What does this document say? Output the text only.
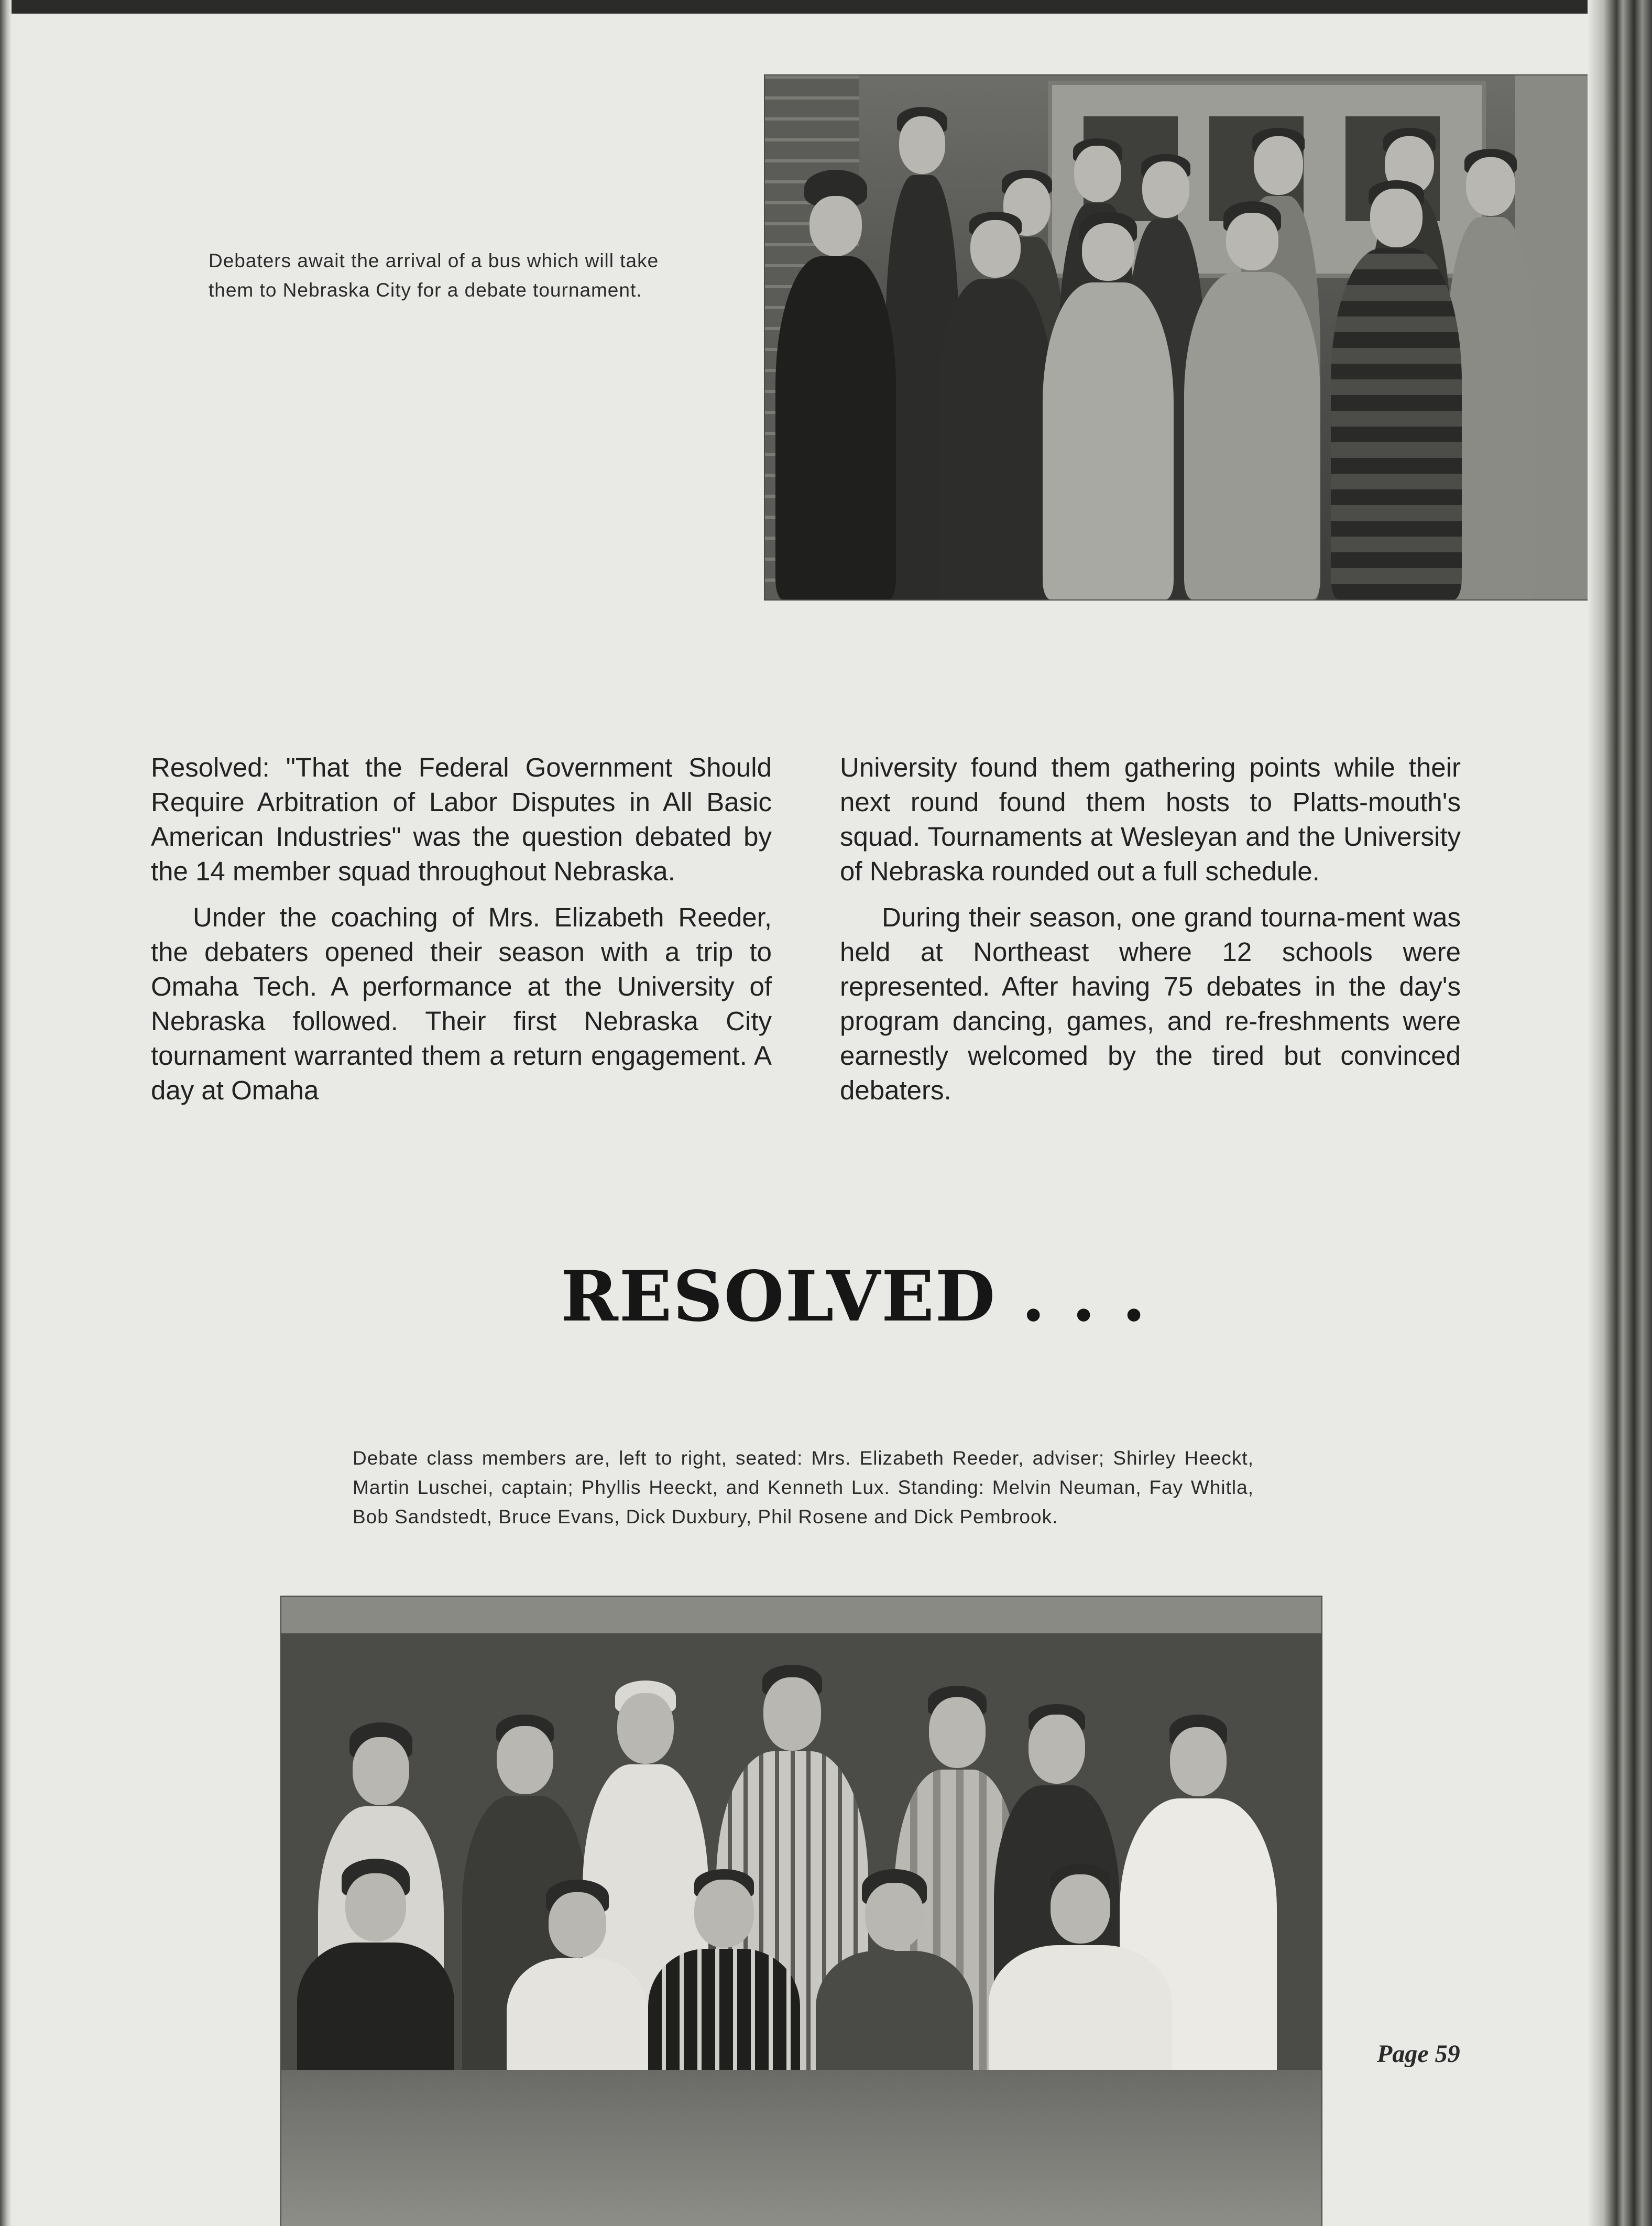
Debaters await the arrival of a bus which will take them to Nebraska City for a debate tournament.

Resolved: "That the Federal Government Should Require Arbitration of Labor Disputes in All Basic American Industries" was the question debated by the 14 member squad throughout Nebraska.

Under the coaching of Mrs. Elizabeth Reeder, the debaters opened their season with a trip to Omaha Tech. A performance at the University of Nebraska followed. Their first Nebraska City tournament warranted them a return engagement. A day at Omaha

University found them gathering points while their next round found them hosts to Platts-mouth's squad. Tournaments at Wesleyan and the University of Nebraska rounded out a full schedule.

During their season, one grand tourna-ment was held at Northeast where 12 schools were represented. After having 75 debates in the day's program dancing, games, and re-freshments were earnestly welcomed by the tired but convinced debaters.

RESOLVED . . .

Debate class members are, left to right, seated: Mrs. Elizabeth Reeder, adviser; Shirley Heeckt, Martin Luschei, captain; Phyllis Heeckt, and Kenneth Lux. Standing: Melvin Neuman, Fay Whitla, Bob Sandstedt, Bruce Evans, Dick Duxbury, Phil Rosene and Dick Pembrook.

Page 59
